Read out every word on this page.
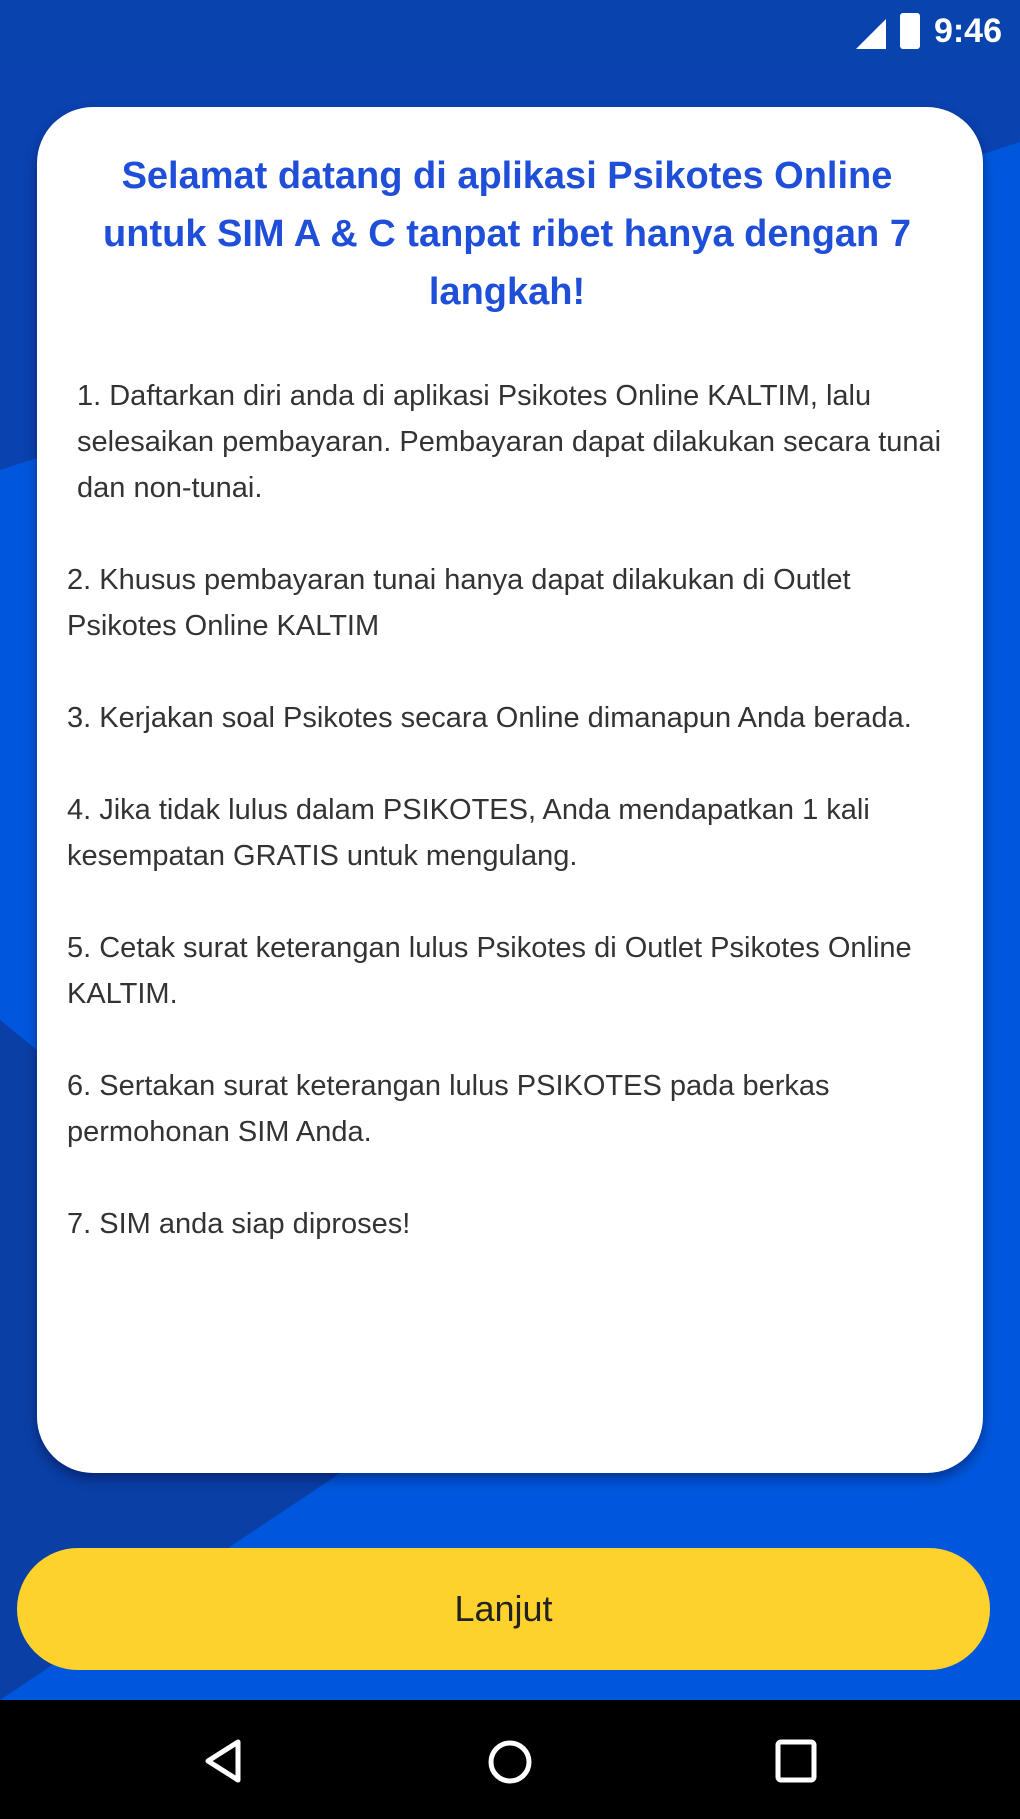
9:46
Selamat datang di aplikasi Psikotes Online untuk SIM A & C tanpat ribet hanya dengan 7 langkah!

1. Daftarkan diri anda di aplikasi Psikotes Online KALTIM, lalu selesaikan pembayaran. Pembayaran dapat dilakukan secara tunai dan non-tunai.

2. Khusus pembayaran tunai hanya dapat dilakukan di Outlet Psikotes Online KALTIM

3. Kerjakan soal Psikotes secara Online dimanapun Anda berada.

4. Jika tidak lulus dalam PSIKOTES, Anda mendapatkan 1 kali kesempatan GRATIS untuk mengulang.

5. Cetak surat keterangan lulus Psikotes di Outlet Psikotes Online KALTIM.

6. Sertakan surat keterangan lulus PSIKOTES pada berkas permohonan SIM Anda.

7. SIM anda siap diproses!

Lanjut
